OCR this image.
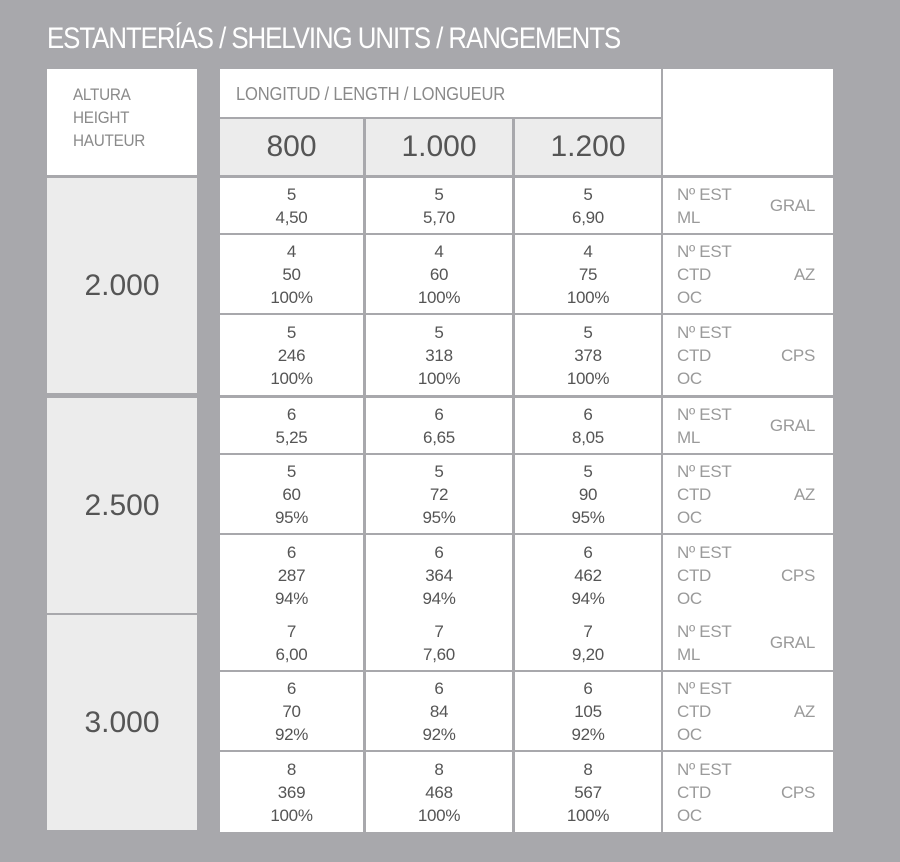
ESTANTERÍAS / SHELVING UNITS / RANGEMENTS
ALTURA
HEIGHT
HAUTEUR
LONGITUD / LENGTH / LONGUEUR
800	1.000	1.200
2.000
5
4,50
5
5,70
5
6,90
Nº EST
ML
GRAL
4
50
100%
4
60
100%
4
75
100%
Nº EST
CTD
OC
AZ
5
246
100%
5
318
100%
5
378
100%
Nº EST
CTD
OC
CPS
2.500
6
5,25
6
6,65
6
8,05
Nº EST
ML
GRAL
5
60
95%
5
72
95%
5
90
95%
Nº EST
CTD
OC
AZ
6
287
94%
6
364
94%
6
462
94%
Nº EST
CTD
OC
CPS
3.000
7
6,00
7
7,60
7
9,20
Nº EST
ML
GRAL
6
70
92%
6
84
92%
6
105
92%
Nº EST
CTD
OC
AZ
8
369
100%
8
468
100%
8
567
100%
Nº EST
CTD
OC
CPS
